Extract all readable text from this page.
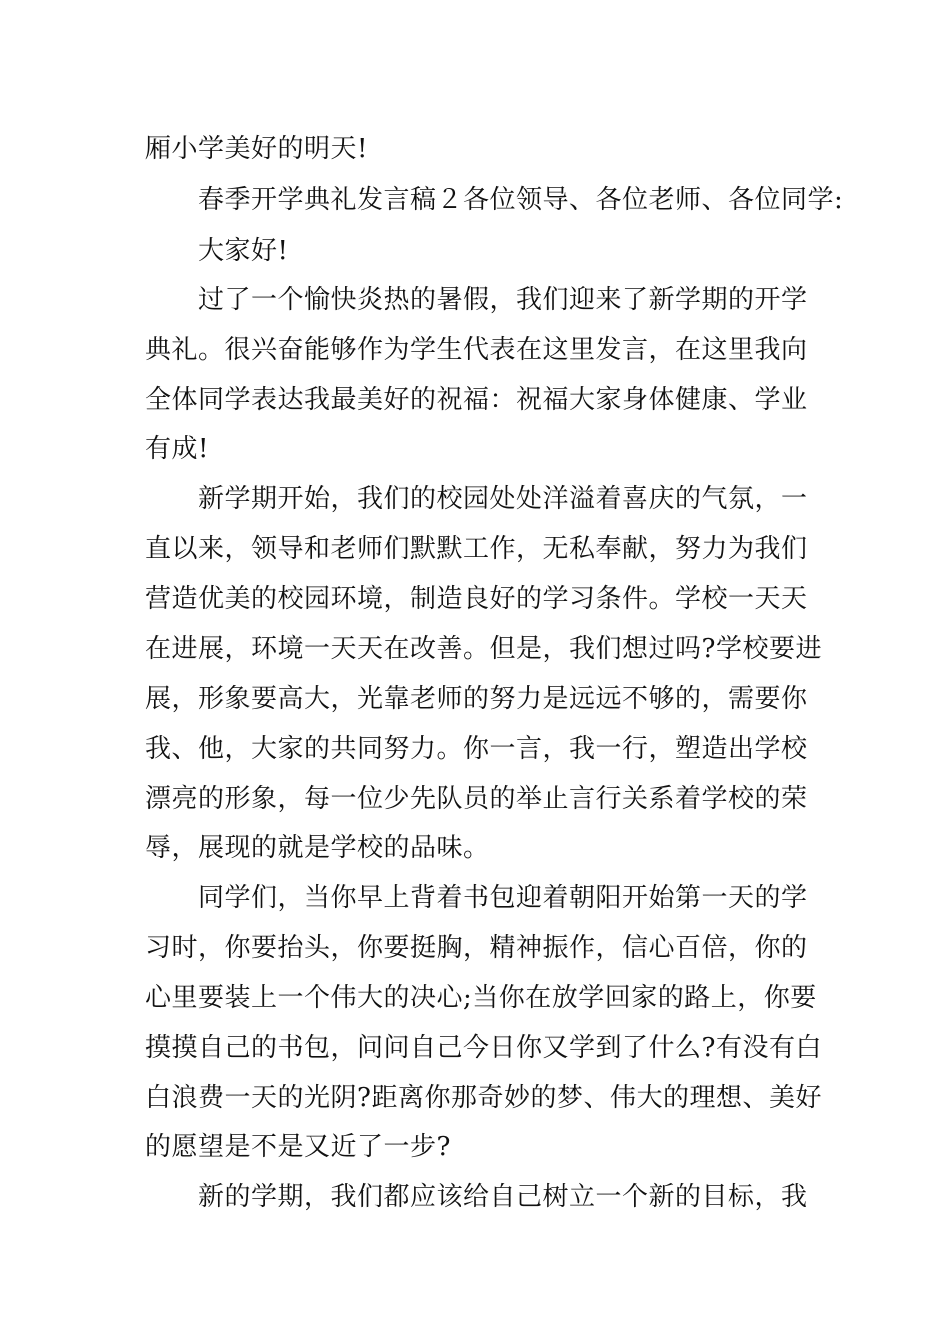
厢小学美好的明天!
春季开学典礼发言稿２各位领导、各位老师、各位同学:
大家好!
过了一个愉快炎热的暑假，我们迎来了新学期的开学
典礼。很兴奋能够作为学生代表在这里发言，在这里我向
全体同学表达我最美好的祝福：祝福大家身体健康、学业
有成!
新学期开始，我们的校园处处洋溢着喜庆的气氛，一
直以来，领导和老师们默默工作，无私奉献，努力为我们
营造优美的校园环境，制造良好的学习条件。学校一天天
在进展，环境一天天在改善。但是，我们想过吗?学校要进
展，形象要高大，光靠老师的努力是远远不够的，需要你
我、他，大家的共同努力。你一言，我一行，塑造出学校
漂亮的形象，每一位少先队员的举止言行关系着学校的荣
辱，展现的就是学校的品味。
同学们，当你早上背着书包迎着朝阳开始第一天的学
习时，你要抬头，你要挺胸，精神振作，信心百倍，你的
心里要装上一个伟大的决心;当你在放学回家的路上，你要
摸摸自己的书包，问问自己今日你又学到了什么?有没有白
白浪费一天的光阴?距离你那奇妙的梦、伟大的理想、美好
的愿望是不是又近了一步?
新的学期，我们都应该给自己树立一个新的目标，我
